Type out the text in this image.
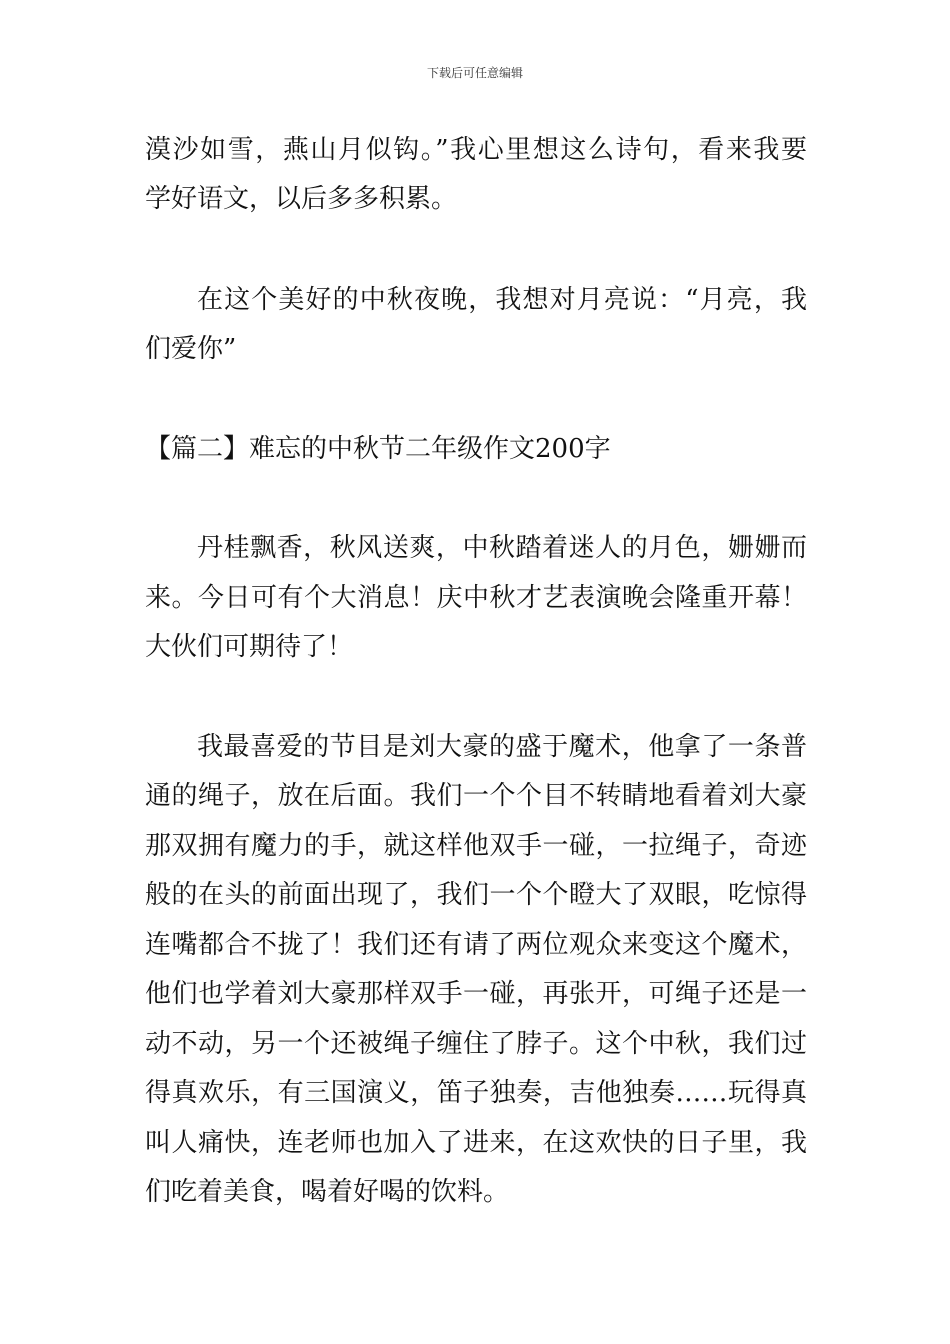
下载后可任意编辑
漠沙如雪，燕山月似钩。”我心里想这么诗句，看来我要
学好语文，以后多多积累。
在这个美好的中秋夜晚，我想对月亮说：“月亮，我
们爱你”
【篇二】难忘的中秋节二年级作文200字
丹桂飘香，秋风送爽，中秋踏着迷人的月色，姗姗而
来。今日可有个大消息！庆中秋才艺表演晚会隆重开幕！
大伙们可期待了！
我最喜爱的节目是刘大豪的盛于魔术，他拿了一条普
通的绳子，放在后面。我们一个个目不转睛地看着刘大豪
那双拥有魔力的手，就这样他双手一碰，一拉绳子，奇迹
般的在头的前面出现了，我们一个个瞪大了双眼，吃惊得
连嘴都合不拢了！我们还有请了两位观众来变这个魔术，
他们也学着刘大豪那样双手一碰，再张开，可绳子还是一
动不动，另一个还被绳子缠住了脖子。这个中秋，我们过
得真欢乐，有三国演义，笛子独奏，吉他独奏……玩得真
叫人痛快，连老师也加入了进来，在这欢快的日子里，我
们吃着美食，喝着好喝的饮料。
